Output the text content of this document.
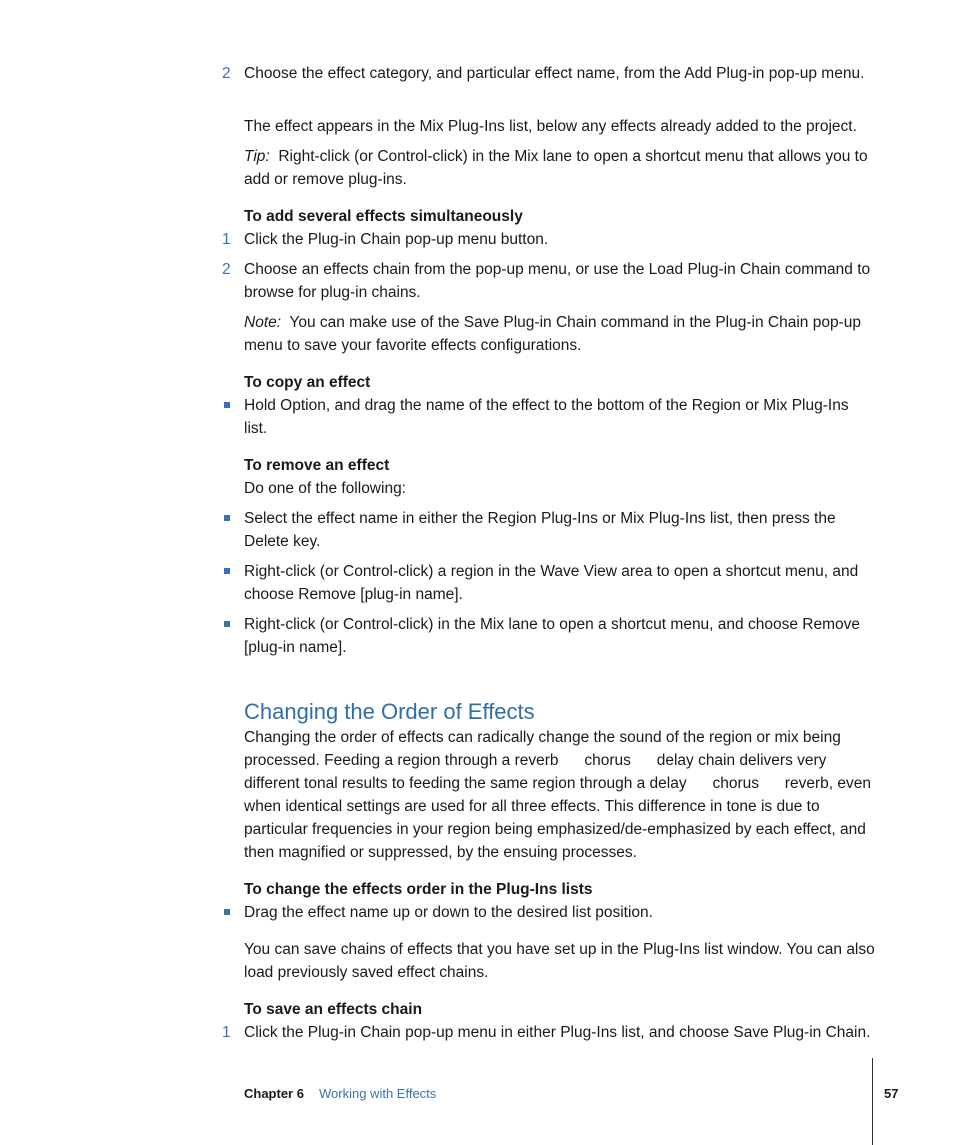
2 Choose the effect category, and particular effect name, from the Add Plug-in pop-up menu.
The effect appears in the Mix Plug-Ins list, below any effects already added to the project.
Tip: Right-click (or Control-click) in the Mix lane to open a shortcut menu that allows you to add or remove plug-ins.
To add several effects simultaneously
1 Click the Plug-in Chain pop-up menu button.
2 Choose an effects chain from the pop-up menu, or use the Load Plug-in Chain command to browse for plug-in chains.
Note: You can make use of the Save Plug-in Chain command in the Plug-in Chain pop-up menu to save your favorite effects configurations.
To copy an effect
Hold Option, and drag the name of the effect to the bottom of the Region or Mix Plug-Ins list.
To remove an effect
Do one of the following:
Select the effect name in either the Region Plug-Ins or Mix Plug-Ins list, then press the Delete key.
Right-click (or Control-click) a region in the Wave View area to open a shortcut menu, and choose Remove [plug-in name].
Right-click (or Control-click) in the Mix lane to open a shortcut menu, and choose Remove [plug-in name].
Changing the Order of Effects
Changing the order of effects can radically change the sound of the region or mix being processed. Feeding a region through a reverb      chorus      delay chain delivers very different tonal results to feeding the same region through a delay      chorus      reverb, even when identical settings are used for all three effects. This difference in tone is due to particular frequencies in your region being emphasized/de-emphasized by each effect, and then magnified or suppressed, by the ensuing processes.
To change the effects order in the Plug-Ins lists
Drag the effect name up or down to the desired list position.
You can save chains of effects that you have set up in the Plug-Ins list window. You can also load previously saved effect chains.
To save an effects chain
1 Click the Plug-in Chain pop-up menu in either Plug-Ins list, and choose Save Plug-in Chain.
Chapter 6 Working with Effects	57
